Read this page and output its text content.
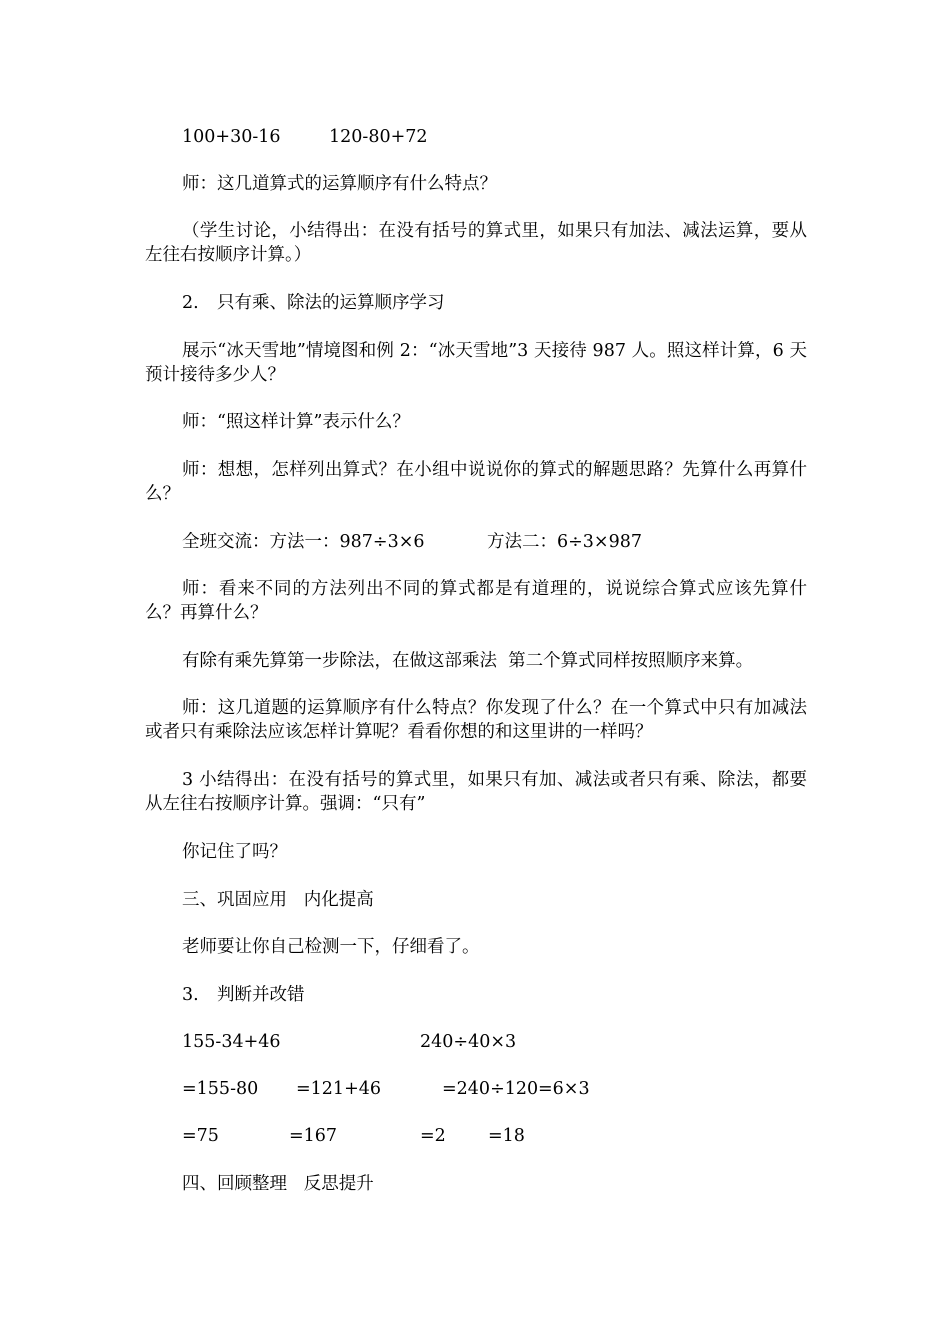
100+30-16	120-80+72
师：这几道算式的运算顺序有什么特点？
（学生讨论，小结得出：在没有括号的算式里，如果只有加法、减法运算，要从左往右按顺序计算。）
2. 只有乘、除法的运算顺序学习
展示“冰天雪地”情境图和例 2：“冰天雪地”3 天接待 987 人。照这样计算，6 天预计接待多少人？
师：“照这样计算”表示什么？
师：想想，怎样列出算式？在小组中说说你的算式的解题思路？先算什么再算什么？
全班交流：方法一：987÷3×6	方法二：6÷3×987
师：看来不同的方法列出不同的算式都是有道理的，说说综合算式应该先算什么？再算什么？
有除有乘先算第一步除法，在做这部乘法  第二个算式同样按照顺序来算。
师：这几道题的运算顺序有什么特点？你发现了什么？在一个算式中只有加减法或者只有乘除法应该怎样计算呢？看看你想的和这里讲的一样吗？
3 小结得出：在没有括号的算式里，如果只有加、减法或者只有乘、除法，都要从左往右按顺序计算。强调：“只有”
你记住了吗？
三、巩固应用   内化提高
老师要让你自己检测一下，仔细看了。
3. 判断并改错
155-34+46	240÷40×3
=155-80 =121+46	=240÷120 =6×3
=75	=167	=2 =18
四、回顾整理   反思提升
